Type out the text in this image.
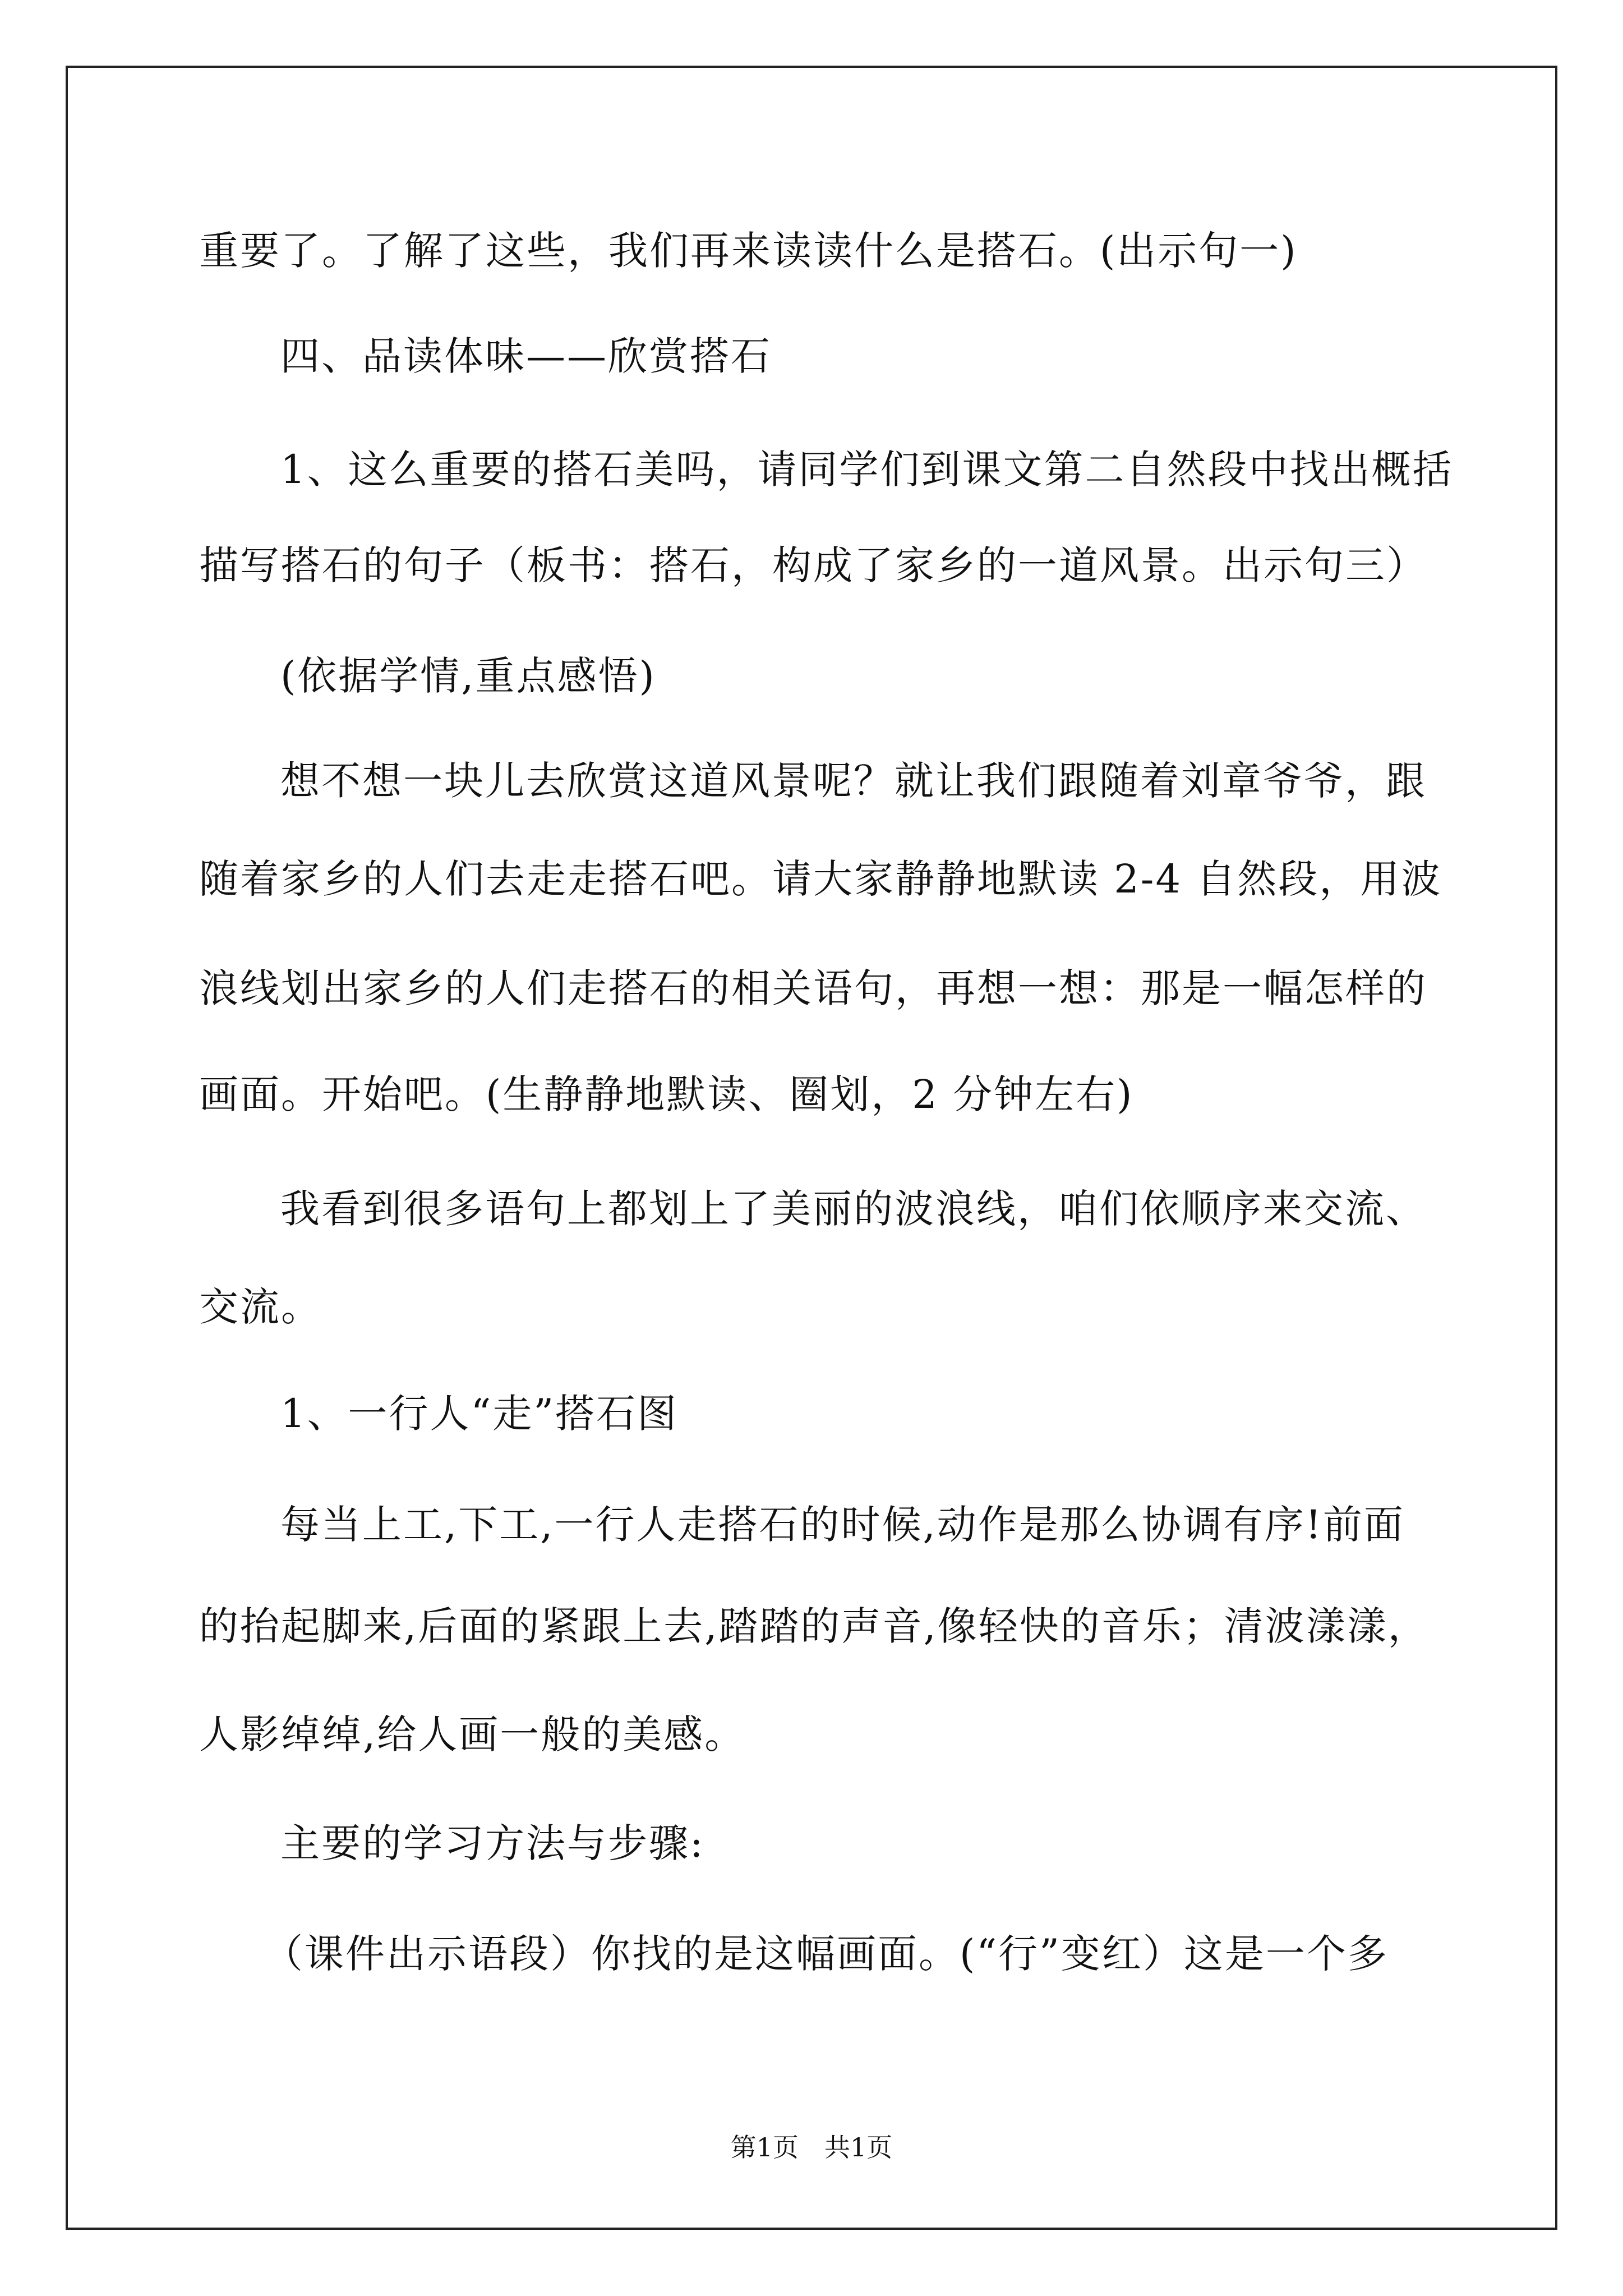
重要了。了解了这些，我们再来读读什么是搭石。(出示句一)
四、品读体味——欣赏搭石
1、这么重要的搭石美吗，请同学们到课文第二自然段中找出概括
描写搭石的句子（板书：搭石，构成了家乡的一道风景。出示句三）
(依据学情,重点感悟)
想不想一块儿去欣赏这道风景呢？就让我们跟随着刘章爷爷，跟
随着家乡的人们去走走搭石吧。请大家静静地默读 2-4 自然段，用波
浪线划出家乡的人们走搭石的相关语句，再想一想：那是一幅怎样的
画面。开始吧。(生静静地默读、圈划，2 分钟左右)
我看到很多语句上都划上了美丽的波浪线，咱们依顺序来交流、
交流。
1、一行人“走”搭石图
每当上工,下工,一行人走搭石的时候,动作是那么协调有序!前面
的抬起脚来,后面的紧跟上去,踏踏的声音,像轻快的音乐；清波漾漾，
人影绰绰,给人画一般的美感。
主要的学习方法与步骤:
（课件出示语段）你找的是这幅画面。(“行”变红）这是一个多
第1页　共1页
